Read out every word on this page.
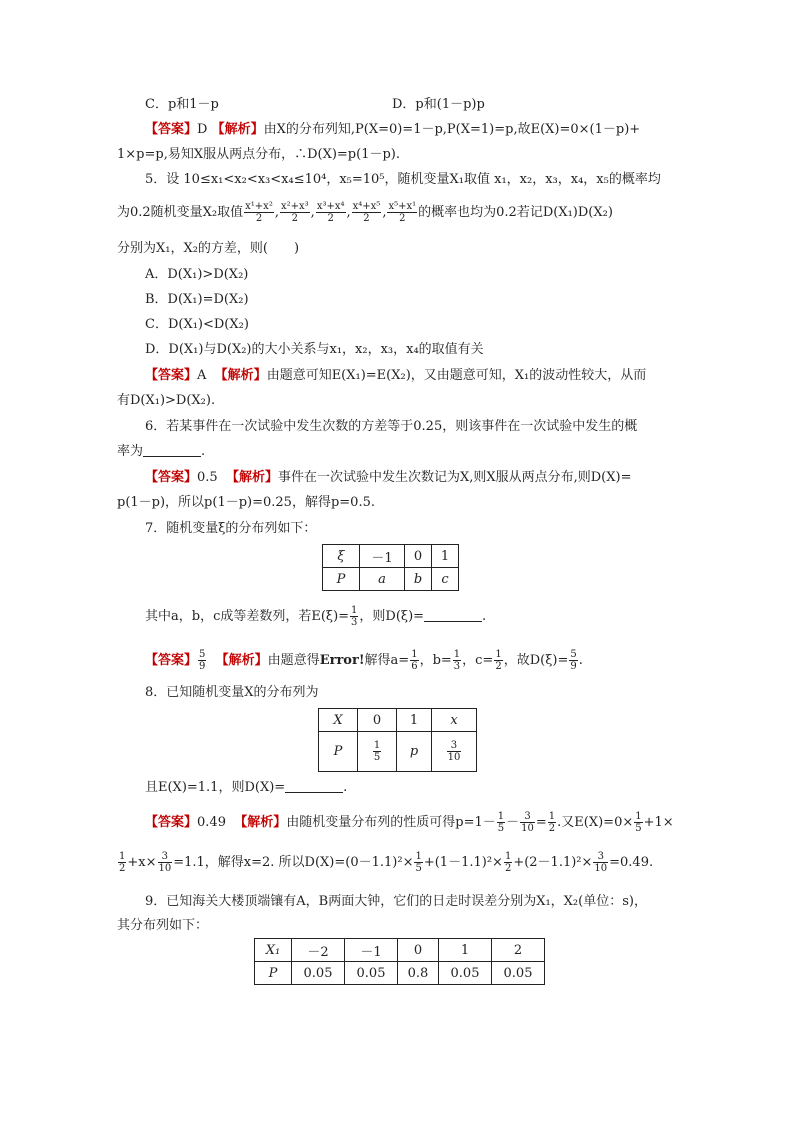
C．p和1－p	D．p和(1－p)p
【答案】D 【解析】由X的分布列知,P(X=0)=1－p,P(X=1)=p,故E(X)=0×(1－p)+
1×p=p,易知X服从两点分布，∴D(X)=p(1－p).
5．设 10≤x₁<x₂<x₃<x₄≤10⁴，x₅=10⁵，随机变量X₁取值 x₁，x₂，x₃，x₄，x₅的概率均
为0.2随机变量X₂取值 $\frac{\text{x¹+x²}}{2}$ , $\frac{\text{x²+x³}}{2}$ , $\frac{\text{x³+x⁴}}{2}$ , $\frac{\text{x⁴+x⁵}}{2}$ , $\frac{\text{x⁵+x¹}}{2}$ 的概率也均为0.2若记D(X₁)D(X₂)
分别为X₁，X₂的方差，则(　　)
A．D(X₁)>D(X₂)
B．D(X₁)=D(X₂)
C．D(X₁)<D(X₂)
D．D(X₁)与D(X₂)的大小关系与x₁，x₂，x₃，x₄的取值有关
【答案】A 【解析】由题意可知E(X₁)=E(X₂)，又由题意可知，X₁的波动性较大，从而
有D(X₁)>D(X₂).
6．若某事件在一次试验中发生次数的方差等于0.25，则该事件在一次试验中发生的概
率为	.
【答案】0.5 【解析】事件在一次试验中发生次数记为X,则X服从两点分布,则D(X)=
p(1－p)，所以p(1－p)=0.25，解得p=0.5.
7．随机变量ξ的分布列如下：
ξ	－1	0	1
P	a	b	c
其中a，b，c成等差数列，若$E(\xi)= \frac{1}{3}$ ，则D(ξ)=	.
【答案】 $\frac{5}{9}$ 【解析】由题意得Error!解得$a= \frac{1}{6}$ ，$b= \frac{1}{3}$ ，$c= \frac{1}{2}$ ，故$D(\xi)= \frac{5}{9}$ .
8．已知随机变量X的分布列为
X	0	1	x
P	$\frac{1}{5}$	p	$\frac{3}{10}$
且E(X)=1.1，则D(X)=	.
【答案】0.49 【解析】由随机变量分布列的性质可得$p=1- \frac{1}{5} - \frac{3}{10} = \frac{1}{2}$ .又$E(X)=0\times \frac{1}{5} +1\times$
$\frac{1}{2} +x\times \frac{3}{10} =1.1$，解得x=2. 所以$D(X)=(0-1.1)^2\times \frac{1}{5} +(1-1.1)^2\times \frac{1}{2} +(2-1.1)^2\times \frac{3}{10} =0.49$.
9．已知海关大楼顶端镶有A，B两面大钟，它们的日走时误差分别为X₁，X₂(单位：s)，
其分布列如下：
X₁	－2	－1	0	1	2
P	0.05	0.05	0.8	0.05	0.05
